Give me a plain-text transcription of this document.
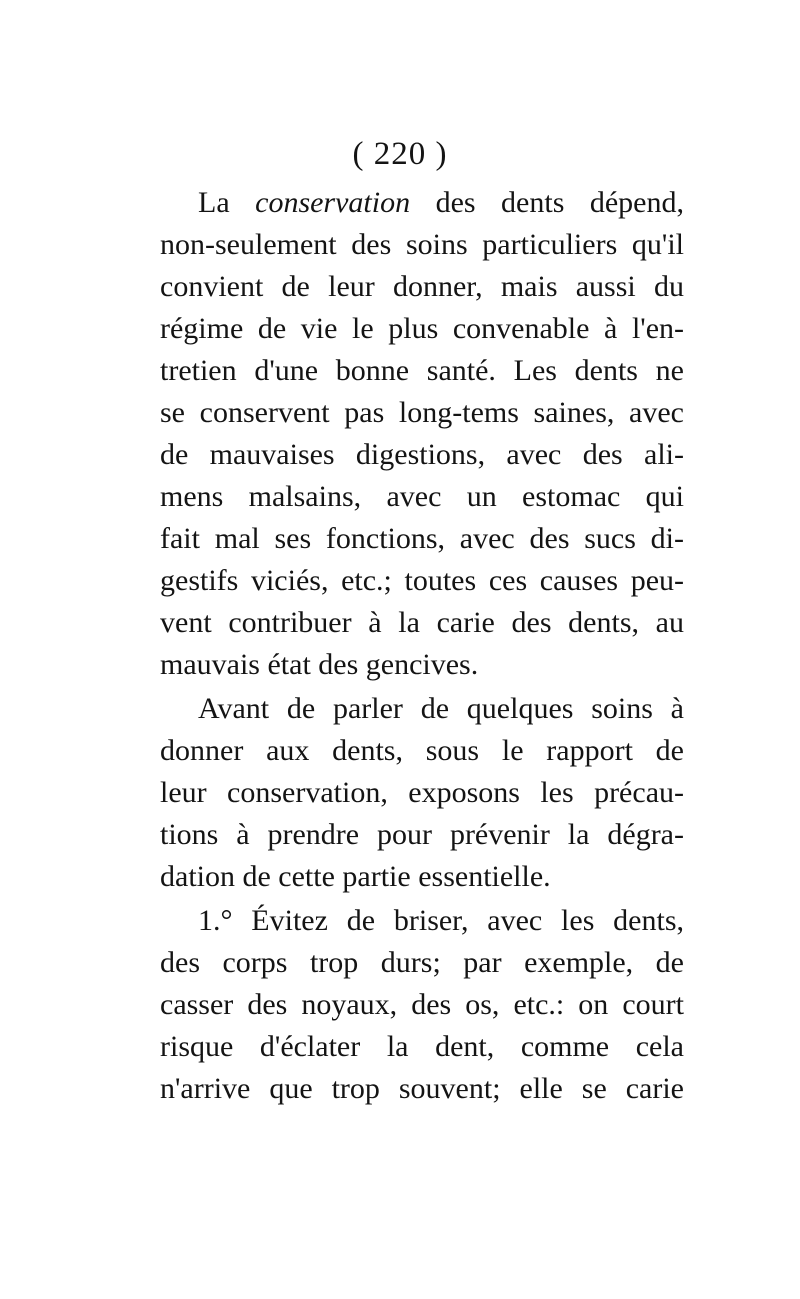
( 220 )
La conservation des dents dépend,
non-seulement des soins particuliers qu'il
convient de leur donner, mais aussi du
régime de vie le plus convenable à l'en-
tretien d'une bonne santé. Les dents ne
se conservent pas long-tems saines, avec
de mauvaises digestions, avec des ali-
mens malsains, avec un estomac qui
fait mal ses fonctions, avec des sucs di-
gestifs viciés, etc.; toutes ces causes peu-
vent contribuer à la carie des dents, au
mauvais état des gencives.
Avant de parler de quelques soins à
donner aux dents, sous le rapport de
leur conservation, exposons les précau-
tions à prendre pour prévenir la dégra-
dation de cette partie essentielle.
1.° Évitez de briser, avec les dents,
des corps trop durs; par exemple, de
casser des noyaux, des os, etc.: on court
risque d'éclater la dent, comme cela
n'arrive que trop souvent; elle se carie
